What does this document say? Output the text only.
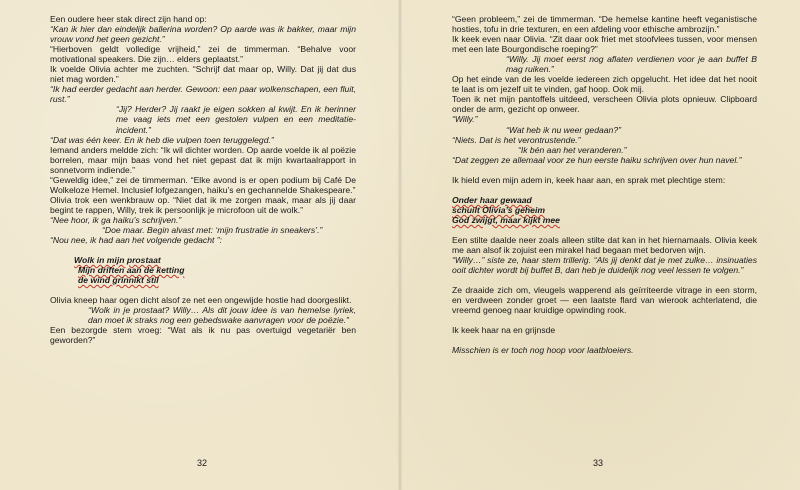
Een oudere heer stak direct zijn hand op:
“Kan ik hier dan eindelijk ballerina worden? Op aarde was ik bakker, maar mijn vrouw vond het geen gezicht.”
“Hierboven geldt volledige vrijheid,” zei de timmerman. “Behalve voor motivational speakers. Die zijn… elders geplaatst.”
Ik voelde Olivia achter me zuchten. “Schrijf dat maar op, Willy. Dat jij dat dus niet mag worden.”
“Ik had eerder gedacht aan herder. Gewoon: een paar wolkenschapen, een fluit, rust.”
“Jij? Herder? Jij raakt je eigen sokken al kwijt. En ik herinner me vaag iets met een gestolen vulpen en een meditatie-incident.”
“Dat was één keer. En ik heb die vulpen toen teruggelegd.”
Iemand anders meldde zich: “Ik wil dichter worden. Op aarde voelde ik al poëzie borrelen, maar mijn baas vond het niet gepast dat ik mijn kwartaalrapport in sonnetvorm indiende.”
“Geweldig idee,” zei de timmerman. “Elke avond is er open podium bij Café De Wolkeloze Hemel. Inclusief lofgezangen, haiku’s en gechannelde Shakespeare.”
Olivia trok een wenkbrauw op. “Niet dat ik me zorgen maak, maar als jij daar begint te rappen, Willy, trek ik persoonlijk je microfoon uit de wolk.”
“Nee hoor, ik ga haiku’s schrijven.”
“Doe maar. Begin alvast met: ‘mijn frustratie in sneakers’.”
“Nou nee, ik had aan het volgende gedacht ”:
Wolk in mijn prostaat
Mijn driften aan de ketting
de wind grinnikt stil
Olivia kneep haar ogen dicht alsof ze net een ongewijde hostie had doorgeslikt.
“Wolk in je prostaat? Willy… Als dit jouw idee is van hemelse lyriek, dan moet ik straks nog een gebedswake aanvragen voor de poëzie.”
Een bezorgde stem vroeg: “Wat als ik nu pas overtuigd vegetariër ben geworden?”
32
“Geen probleem,” zei de timmerman. “De hemelse kantine heeft veganistische hosties, tofu in drie texturen, en een afdeling voor ethische ambrozijn.”
Ik keek even naar Olivia. “Zit daar ook friet met stoofvlees tussen, voor mensen met een late Bourgondische roeping?”
“Willy. Jij moet eerst nog aflaten verdienen voor je aan buffet B mag ruiken.”
Op het einde van de les voelde iedereen zich opgelucht. Het idee dat het nooit te laat is om jezelf uit te vinden, gaf hoop. Ook mij.
Toen ik net mijn pantoffels uitdeed, verscheen Olivia plots opnieuw. Clipboard onder de arm, gezicht op onweer.
“Willy.”
“Wat heb ik nu weer gedaan?”
“Niets. Dat is het verontrustende.”
“Ik bén aan het veranderen.”
“Dat zeggen ze allemaal voor ze hun eerste haiku schrijven over hun navel.”
Ik hield even mijn adem in, keek haar aan, en sprak met plechtige stem:
Onder haar gewaad
schuilt Olivia’s geheim
God zwijgt, maar kijkt mee
Een stilte daalde neer zoals alleen stilte dat kan in het hiernamaals. Olivia keek me aan alsof ik zojuist een mirakel had begaan met bedorven wijn.
“Willy…” siste ze, haar stem trillerig. “Als jij denkt dat je met zulke… insinuaties ooit dichter wordt bij buffet B, dan heb je duidelijk nog veel lessen te volgen.”
Ze draaide zich om, vleugels wapperend als geïrriteerde vitrage in een storm, en verdween zonder groet — een laatste flard van wierook achterlatend, die vreemd genoeg naar kruidige opwinding rook.
Ik keek haar na en grijnsde
Misschien is er toch nog hoop voor laatbloeiers.
33
